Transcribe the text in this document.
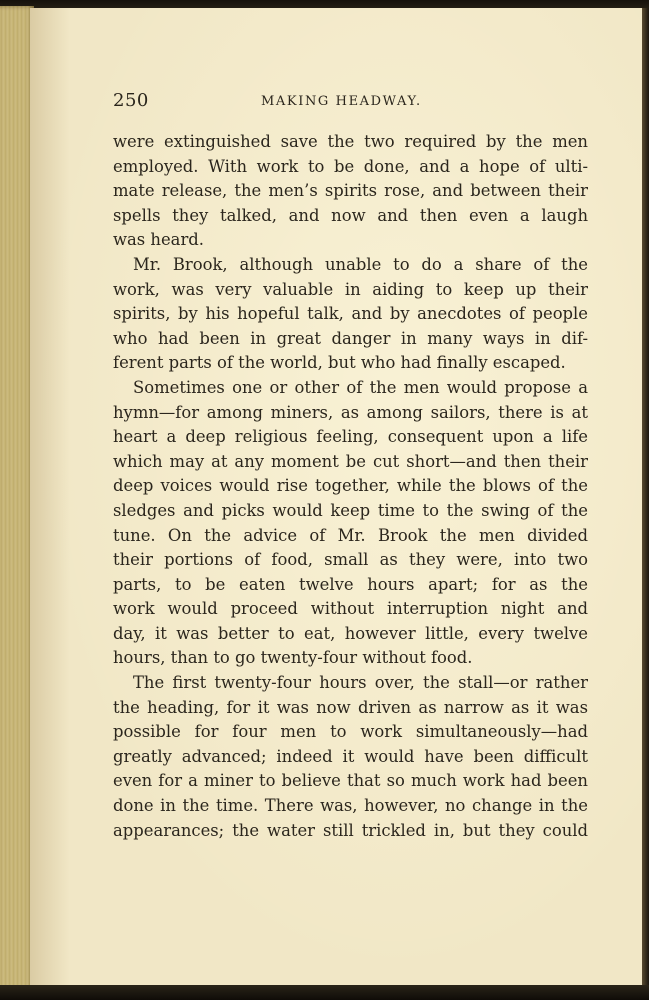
250	MAKING HEADWAY.
were extinguished save the two required by the men
employed. With work to be done, and a hope of ulti-
mate release, the men’s spirits rose, and between their
spells they talked, and now and then even a laugh
was heard.
Mr. Brook, although unable to do a share of the
work, was very valuable in aiding to keep up their
spirits, by his hopeful talk, and by anecdotes of people
who had been in great danger in many ways in dif-
ferent parts of the world, but who had finally escaped.
Sometimes one or other of the men would propose a
hymn—for among miners, as among sailors, there is at
heart a deep religious feeling, consequent upon a life
which may at any moment be cut short—and then their
deep voices would rise together, while the blows of the
sledges and picks would keep time to the swing of the
tune. On the advice of Mr. Brook the men divided
their portions of food, small as they were, into two
parts, to be eaten twelve hours apart; for as the
work would proceed without interruption night and
day, it was better to eat, however little, every twelve
hours, than to go twenty-four without food.
The first twenty-four hours over, the stall—or rather
the heading, for it was now driven as narrow as it was
possible for four men to work simultaneously—had
greatly advanced; indeed it would have been difficult
even for a miner to believe that so much work had been
done in the time. There was, however, no change in the
appearances; the water still trickled in, but they could
